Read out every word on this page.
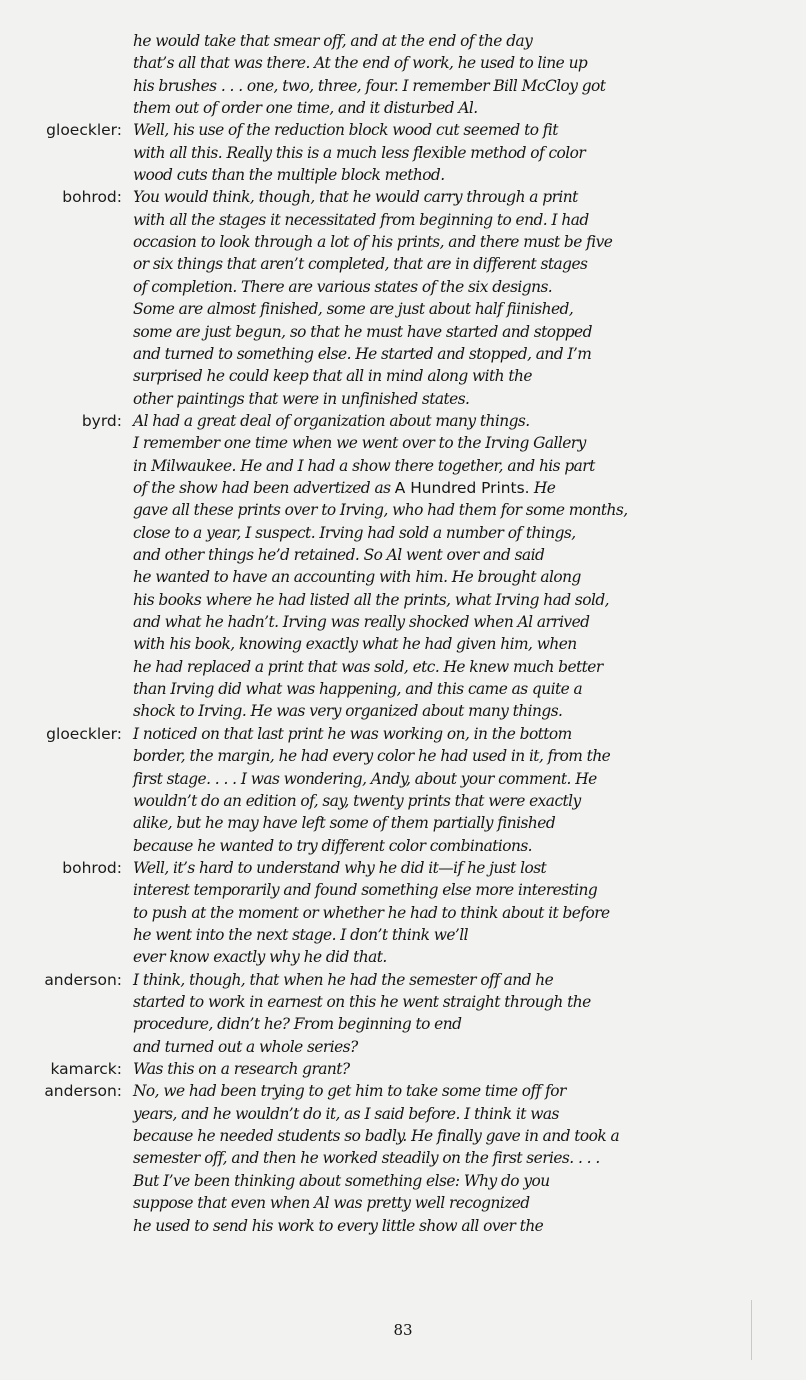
he would take that smear off, and at the end of the day
that’s all that was there. At the end of work, he used to line up
his brushes . . . one, two, three, four. I remember Bill McCloy got
them out of order one time, and it disturbed Al.
gloeckler: Well, his use of the reduction block wood cut seemed to fit
with all this. Really this is a much less flexible method of color
wood cuts than the multiple block method.
bohrod: You would think, though, that he would carry through a print
with all the stages it necessitated from beginning to end. I had
occasion to look through a lot of his prints, and there must be five
or six things that aren’t completed, that are in different stages
of completion. There are various states of the six designs.
Some are almost finished, some are just about half fiinished,
some are just begun, so that he must have started and stopped
and turned to something else. He started and stopped, and I’m
surprised he could keep that all in mind along with the
other paintings that were in unfinished states.
byrd: Al had a great deal of organization about many things.
I remember one time when we went over to the Irving Gallery
in Milwaukee. He and I had a show there together, and his part
of the show had been advertized as A Hundred Prints. He
gave all these prints over to Irving, who had them for some months,
close to a year, I suspect. Irving had sold a number of things,
and other things he’d retained. So Al went over and said
he wanted to have an accounting with him. He brought along
his books where he had listed all the prints, what Irving had sold,
and what he hadn’t. Irving was really shocked when Al arrived
with his book, knowing exactly what he had given him, when
he had replaced a print that was sold, etc. He knew much better
than Irving did what was happening, and this came as quite a
shock to Irving. He was very organized about many things.
gloeckler: I noticed on that last print he was working on, in the bottom
border, the margin, he had every color he had used in it, from the
first stage. . . . I was wondering, Andy, about your comment. He
wouldn’t do an edition of, say, twenty prints that were exactly
alike, but he may have left some of them partially finished
because he wanted to try different color combinations.
bohrod: Well, it’s hard to understand why he did it—if he just lost
interest temporarily and found something else more interesting
to push at the moment or whether he had to think about it before
he went into the next stage. I don’t think we’ll
ever know exactly why he did that.
anderson: I think, though, that when he had the semester off and he
started to work in earnest on this he went straight through the
procedure, didn’t he? From beginning to end
and turned out a whole series?
kamarck: Was this on a research grant?
anderson: No, we had been trying to get him to take some time off for
years, and he wouldn’t do it, as I said before. I think it was
because he needed students so badly. He finally gave in and took a
semester off, and then he worked steadily on the first series. . . .
But I’ve been thinking about something else: Why do you
suppose that even when Al was pretty well recognized
he used to send his work to every little show all over the
83
